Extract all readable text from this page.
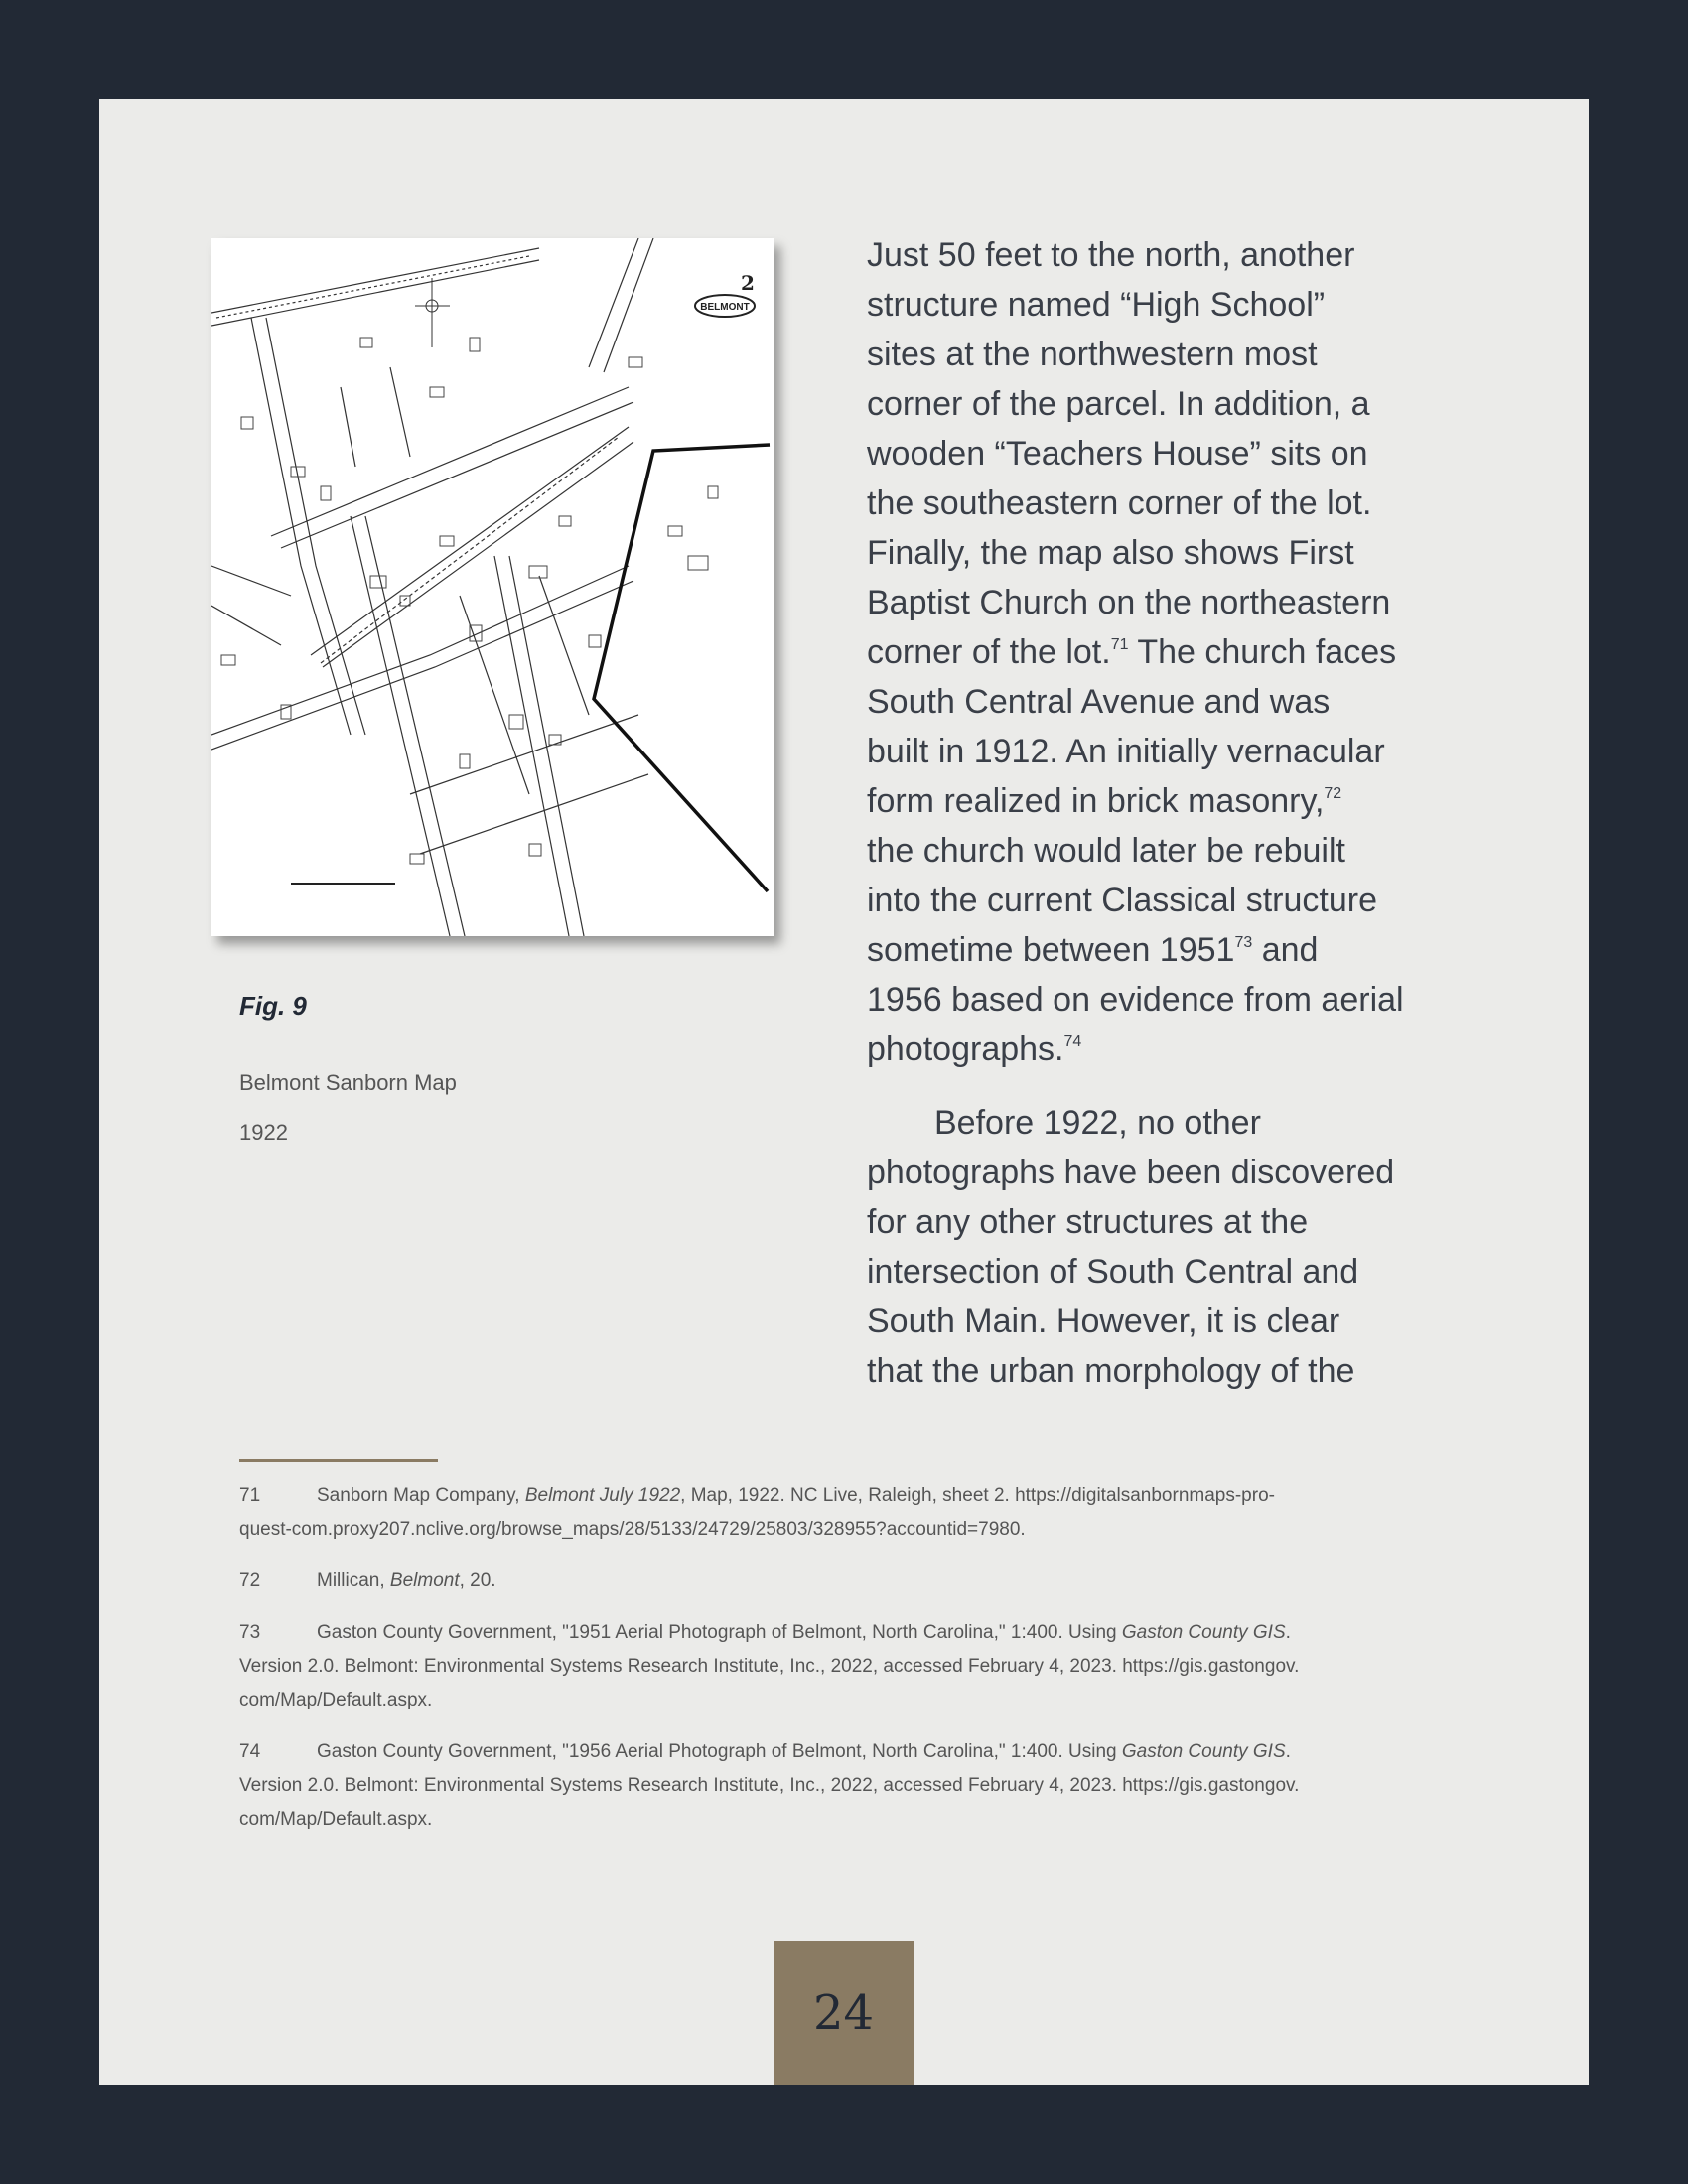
BELMONT
2
Fig. 9
Belmont Sanborn Map
1922
Just 50 feet to the north, another
structure named “High School”
sites at the northwestern most
corner of the parcel. In addition, a
wooden “Teachers House” sits on
the southeastern corner of the lot.
Finally, the map also shows First
Baptist Church on the northeastern
corner of the lot.$^{71}$ The church faces
South Central Avenue and was
built in 1912. An initially vernacular
form realized in brick masonry,$^{72}$
the church would later be rebuilt
into the current Classical structure
sometime between 1951$^{73}$ and
1956 based on evidence from aerial
photographs.$^{74}$
Before 1922, no other
photographs have been discovered
for any other structures at the
intersection of South Central and
South Main. However, it is clear
that the urban morphology of the
71	Sanborn Map Company, Belmont July 1922, Map, 1922. NC Live, Raleigh, sheet 2. https://digitalsanbornmaps-pro-
quest-com.proxy207.nclive.org/browse_maps/28/5133/24729/25803/328955?accountid=7980.
72	Millican, Belmont, 20.
73	Gaston County Government, "1951 Aerial Photograph of Belmont, North Carolina," 1:400. Using Gaston County GIS.
Version 2.0. Belmont: Environmental Systems Research Institute, Inc., 2022, accessed February 4, 2023. https://gis.gastongov.
com/Map/Default.aspx.
74	Gaston County Government, "1956 Aerial Photograph of Belmont, North Carolina," 1:400. Using Gaston County GIS.
Version 2.0. Belmont: Environmental Systems Research Institute, Inc., 2022, accessed February 4, 2023. https://gis.gastongov.
com/Map/Default.aspx.
24
